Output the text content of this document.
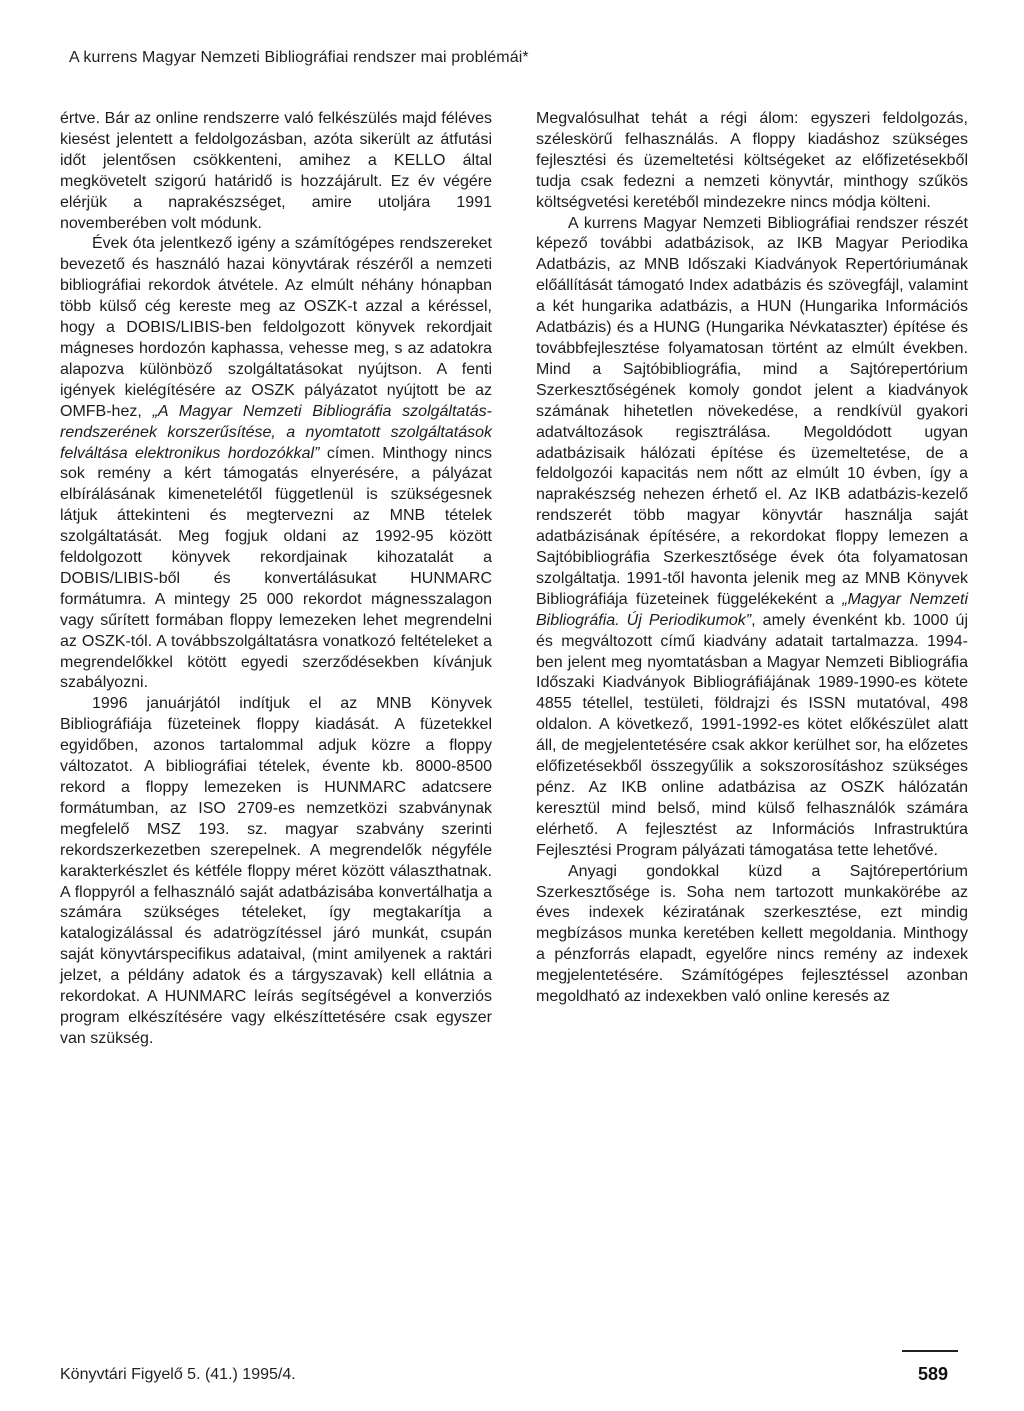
A kurrens Magyar Nemzeti Bibliográfiai rendszer mai problémái*

értve. Bár az online rendszerre való felkészülés majd féléves kiesést jelentett a feldolgozásban, azóta sikerült az átfutási időt jelentősen csökkenteni, amihez a KELLO által megkövetelt szigorú határidő is hozzájárult. Ez év végére elérjük a naprakészséget, amire utoljára 1991 novemberében volt módunk.

Évek óta jelentkező igény a számítógépes rendszereket bevezető és használó hazai könyvtárak részéről a nemzeti bibliográfiai rekordok átvétele. Az elmúlt néhány hónapban több külső cég kereste meg az OSZK-t azzal a kéréssel, hogy a DOBIS/LIBIS-ben feldolgozott könyvek rekordjait mágneses hordozón kaphassa, vehesse meg, s az adatokra alapozva különböző szolgáltatásokat nyújtson. A fenti igények kielégítésére az OSZK pályázatot nyújtott be az OMFB-hez, „A Magyar Nemzeti Bibliográfia szolgáltatás-rendszerének korszerűsítése, a nyomtatott szolgáltatások felváltása elektronikus hordozókkal” címen. Minthogy nincs sok remény a kért támogatás elnyerésére, a pályázat elbírálásának kimenetelétől függetlenül is szükségesnek látjuk áttekinteni és megtervezni az MNB tételek szolgáltatását. Meg fogjuk oldani az 1992-95 között feldolgozott könyvek rekordjainak kihozatalát a DOBIS/LIBIS-ből és konvertálásukat HUNMARC formátumra. A mintegy 25 000 rekordot mágnesszalagon vagy sűrített formában floppy lemezeken lehet megrendelni az OSZK-tól. A továbbszolgáltatásra vonatkozó feltételeket a megrendelőkkel kötött egyedi szerződésekben kívánjuk szabályozni.

1996 januárjától indítjuk el az MNB Könyvek Bibliográfiája füzeteinek floppy kiadását. A füzetekkel egyidőben, azonos tartalommal adjuk közre a floppy változatot. A bibliográfiai tételek, évente kb. 8000-8500 rekord a floppy lemezeken is HUNMARC adatcsere formátumban, az ISO 2709-es nemzetközi szabványnak megfelelő MSZ 193. sz. magyar szabvány szerinti rekordszerkezetben szerepelnek. A megrendelők négyféle karakterkészlet és kétféle floppy méret között választhatnak. A floppyról a felhasználó saját adatbázisába konvertálhatja a számára szükséges tételeket, így megtakarítja a katalogizálással és adatrögzítéssel járó munkát, csupán saját könyvtárspecifikus adataival, (mint amilyenek a raktári jelzet, a példány adatok és a tárgyszavak) kell ellátnia a rekordokat. A HUNMARC leírás segítségével a konverziós program elkészítésére vagy elkészíttetésére csak egyszer van szükség.

Megvalósulhat tehát a régi álom: egyszeri feldolgozás, széleskörű felhasználás. A floppy kiadáshoz szükséges fejlesztési és üzemeltetési költségeket az előfizetésekből tudja csak fedezni a nemzeti könyvtár, minthogy szűkös költségvetési keretéből mindezekre nincs módja költeni.

A kurrens Magyar Nemzeti Bibliográfiai rendszer részét képező további adatbázisok, az IKB Magyar Periodika Adatbázis, az MNB Időszaki Kiadványok Repertóriumának előállítását támogató Index adatbázis és szövegfájl, valamint a két hungarika adatbázis, a HUN (Hungarika Információs Adatbázis) és a HUNG (Hungarika Névkataszter) építése és továbbfejlesztése folyamatosan történt az elmúlt években. Mind a Sajtóbibliográfia, mind a Sajtórepertórium Szerkesztőségének komoly gondot jelent a kiadványok számának hihetetlen növekedése, a rendkívül gyakori adatváltozások regisztrálása. Megoldódott ugyan adatbázisaik hálózati építése és üzemeltetése, de a feldolgozói kapacitás nem nőtt az elmúlt 10 évben, így a naprakészség nehezen érhető el. Az IKB adatbázis-kezelő rendszerét több magyar könyvtár használja saját adatbázisának építésére, a rekordokat floppy lemezen a Sajtóbibliográfia Szerkesztősége évek óta folyamatosan szolgáltatja. 1991-től havonta jelenik meg az MNB Könyvek Bibliográfiája füzeteinek függelékeként a „Magyar Nemzeti Bibliográfia. Új Periodikumok”, amely évenként kb. 1000 új és megváltozott című kiadvány adatait tartalmazza. 1994-ben jelent meg nyomtatásban a Magyar Nemzeti Bibliográfia Időszaki Kiadványok Bibliográfiájának 1989-1990-es kötete 4855 tétellel, testületi, földrajzi és ISSN mutatóval, 498 oldalon. A következő, 1991-1992-es kötet előkészület alatt áll, de megjelentetésére csak akkor kerülhet sor, ha előzetes előfizetésekből összegyűlik a sokszorosításhoz szükséges pénz. Az IKB online adatbázisa az OSZK hálózatán keresztül mind belső, mind külső felhasználók számára elérhető. A fejlesztést az Információs Infrastruktúra Fejlesztési Program pályázati támogatása tette lehetővé.

Anyagi gondokkal küzd a Sajtórepertórium Szerkesztősége is. Soha nem tartozott munkakörébe az éves indexek kéziratának szerkesztése, ezt mindig megbízásos munka keretében kellett megoldania. Minthogy a pénzforrás elapadt, egyelőre nincs remény az indexek megjelentetésére. Számítógépes fejlesztéssel azonban megoldható az indexekben való online keresés az

Könyvtári Figyelő 5. (41.) 1995/4.	589
